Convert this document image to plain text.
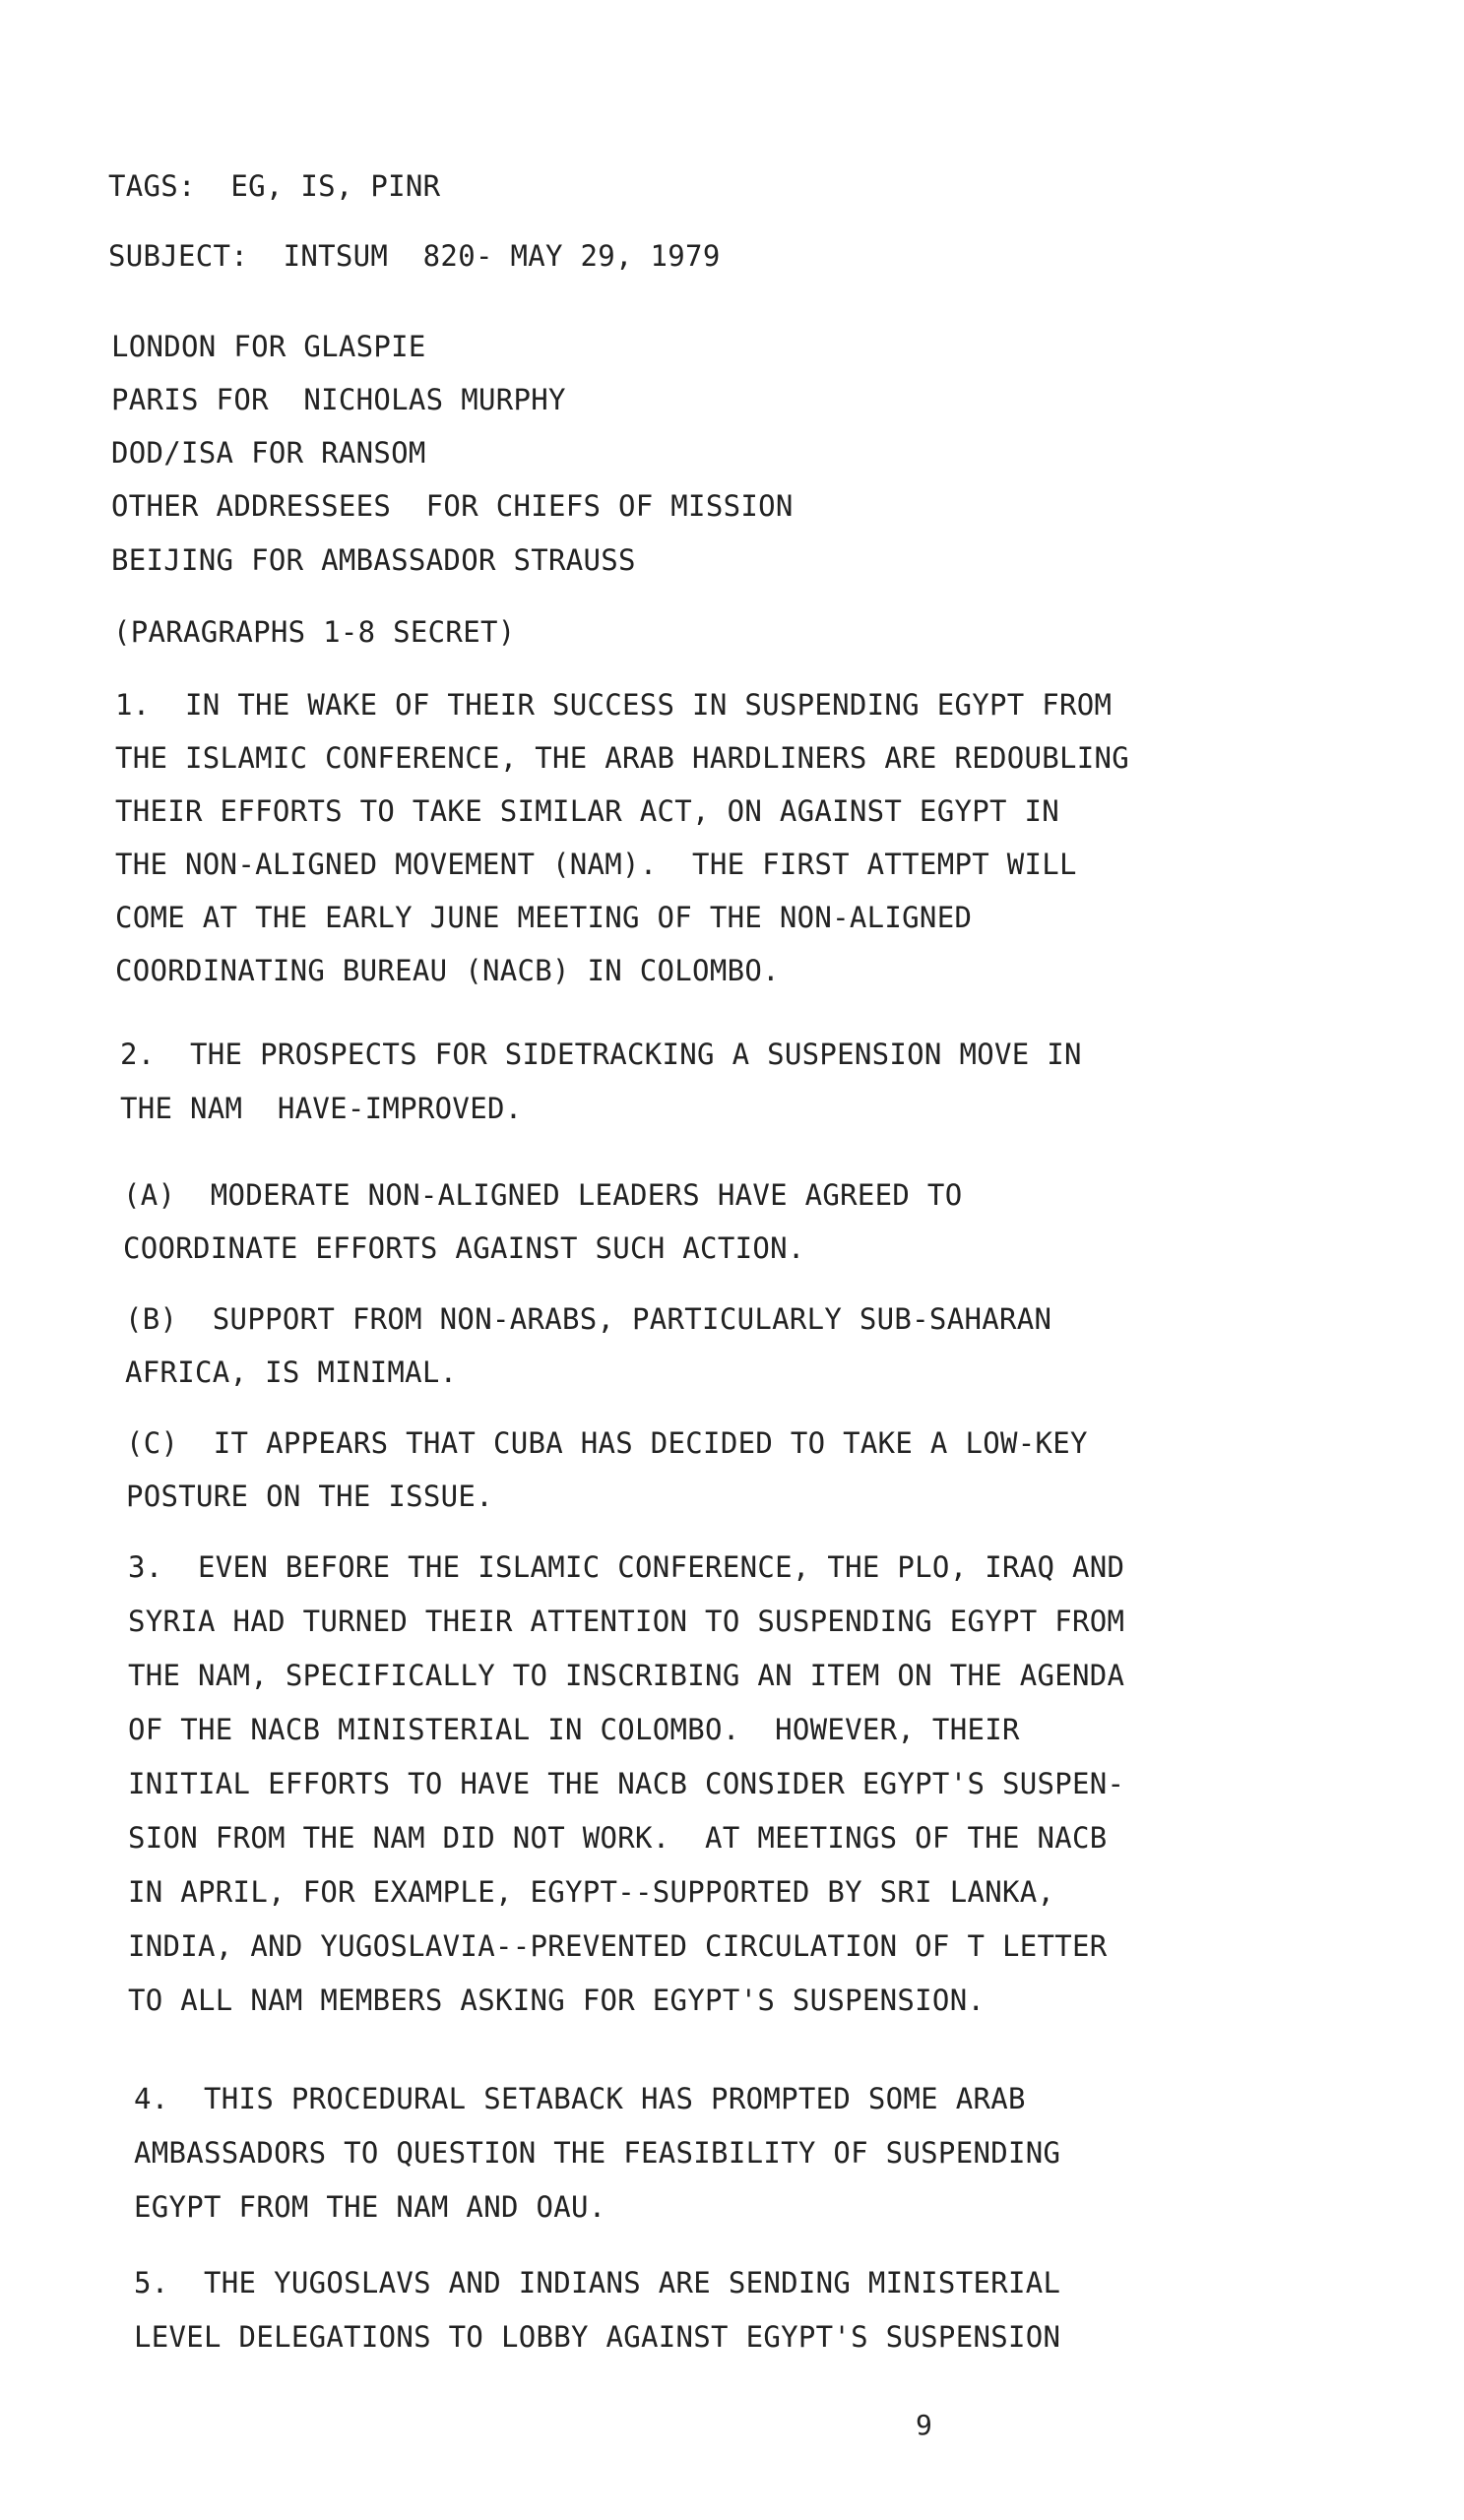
TAGS:  EG, IS, PINR
SUBJECT:  INTSUM  820- MAY 29, 1979
LONDON FOR GLASPIE
PARIS FOR  NICHOLAS MURPHY
DOD/ISA FOR RANSOM
OTHER ADDRESSEES  FOR CHIEFS OF MISSION
BEIJING FOR AMBASSADOR STRAUSS
(PARAGRAPHS 1-8 SECRET)
1.  IN THE WAKE OF THEIR SUCCESS IN SUSPENDING EGYPT FROM
THE ISLAMIC CONFERENCE, THE ARAB HARDLINERS ARE REDOUBLING
THEIR EFFORTS TO TAKE SIMILAR ACT, ON AGAINST EGYPT IN
THE NON-ALIGNED MOVEMENT (NAM).  THE FIRST ATTEMPT WILL
COME AT THE EARLY JUNE MEETING OF THE NON-ALIGNED
COORDINATING BUREAU (NACB) IN COLOMBO.
2.  THE PROSPECTS FOR SIDETRACKING A SUSPENSION MOVE IN
THE NAM  HAVE-IMPROVED.
(A)  MODERATE NON-ALIGNED LEADERS HAVE AGREED TO
COORDINATE EFFORTS AGAINST SUCH ACTION.
(B)  SUPPORT FROM NON-ARABS, PARTICULARLY SUB-SAHARAN
AFRICA, IS MINIMAL.
(C)  IT APPEARS THAT CUBA HAS DECIDED TO TAKE A LOW-KEY
POSTURE ON THE ISSUE.
3.  EVEN BEFORE THE ISLAMIC CONFERENCE, THE PLO, IRAQ AND
SYRIA HAD TURNED THEIR ATTENTION TO SUSPENDING EGYPT FROM
THE NAM, SPECIFICALLY TO INSCRIBING AN ITEM ON THE AGENDA
OF THE NACB MINISTERIAL IN COLOMBO.  HOWEVER, THEIR
INITIAL EFFORTS TO HAVE THE NACB CONSIDER EGYPT'S SUSPEN-
SION FROM THE NAM DID NOT WORK.  AT MEETINGS OF THE NACB
IN APRIL, FOR EXAMPLE, EGYPT--SUPPORTED BY SRI LANKA,
INDIA, AND YUGOSLAVIA--PREVENTED CIRCULATION OF T LETTER
TO ALL NAM MEMBERS ASKING FOR EGYPT'S SUSPENSION.
4.  THIS PROCEDURAL SETABACK HAS PROMPTED SOME ARAB
AMBASSADORS TO QUESTION THE FEASIBILITY OF SUSPENDING
EGYPT FROM THE NAM AND OAU.
5.  THE YUGOSLAVS AND INDIANS ARE SENDING MINISTERIAL
LEVEL DELEGATIONS TO LOBBY AGAINST EGYPT'S SUSPENSION
9
